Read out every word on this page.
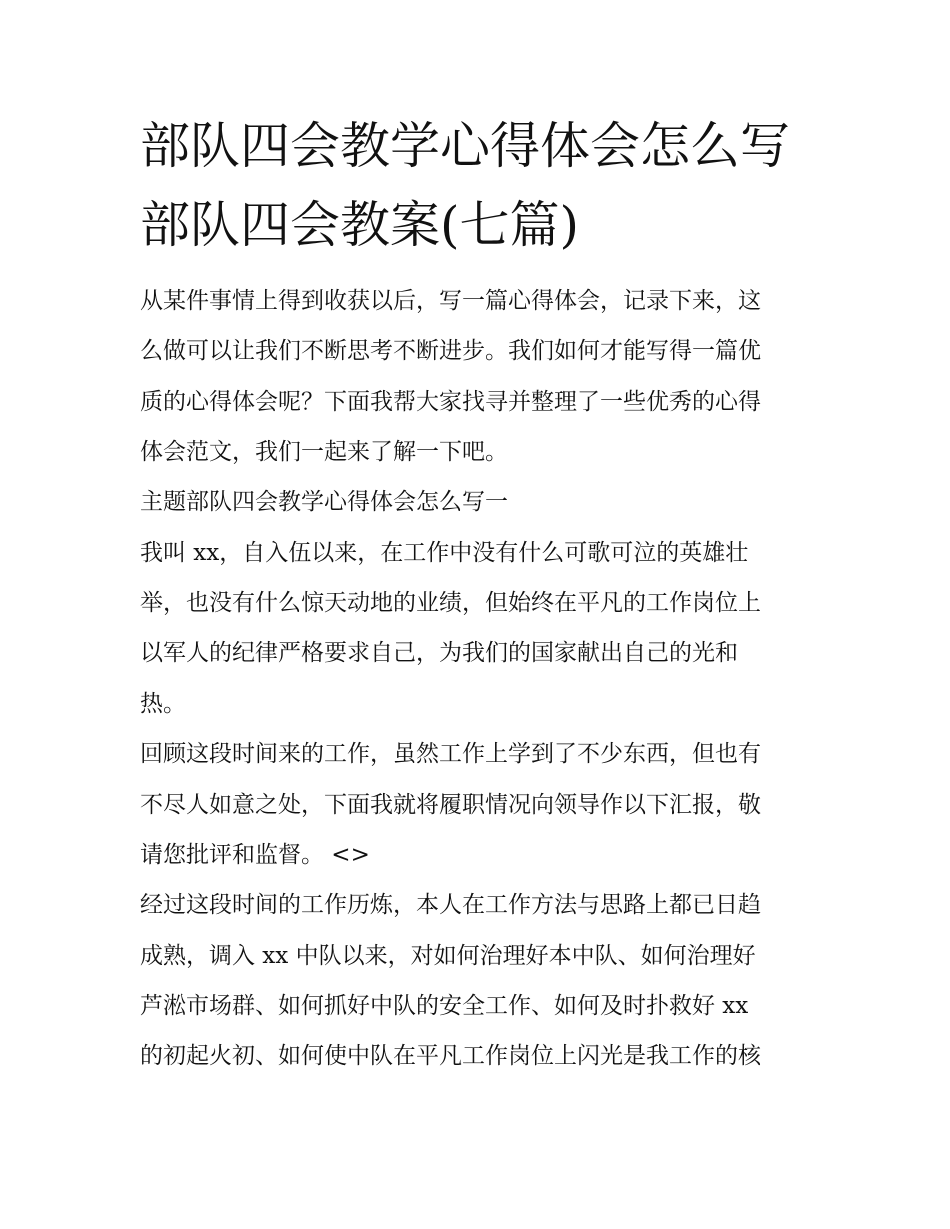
部队四会教学心得体会怎么写
部队四会教案(七篇)
从某件事情上得到收获以后，写一篇心得体会，记录下来，这
么做可以让我们不断思考不断进步。我们如何才能写得一篇优
质的心得体会呢？下面我帮大家找寻并整理了一些优秀的心得
体会范文，我们一起来了解一下吧。
主题部队四会教学心得体会怎么写一
我叫 xx，自入伍以来，在工作中没有什么可歌可泣的英雄壮
举，也没有什么惊天动地的业绩，但始终在平凡的工作岗位上
以军人的纪律严格要求自己，为我们的国家献出自己的光和
热。
回顾这段时间来的工作，虽然工作上学到了不少东西，但也有
不尽人如意之处，下面我就将履职情况向领导作以下汇报，敬
请您批评和监督。 <>
经过这段时间的工作历炼，本人在工作方法与思路上都已日趋
成熟，调入 xx 中队以来，对如何治理好本中队、如何治理好
芦淞市场群、如何抓好中队的安全工作、如何及时扑救好 xx
的初起火初、如何使中队在平凡工作岗位上闪光是我工作的核
